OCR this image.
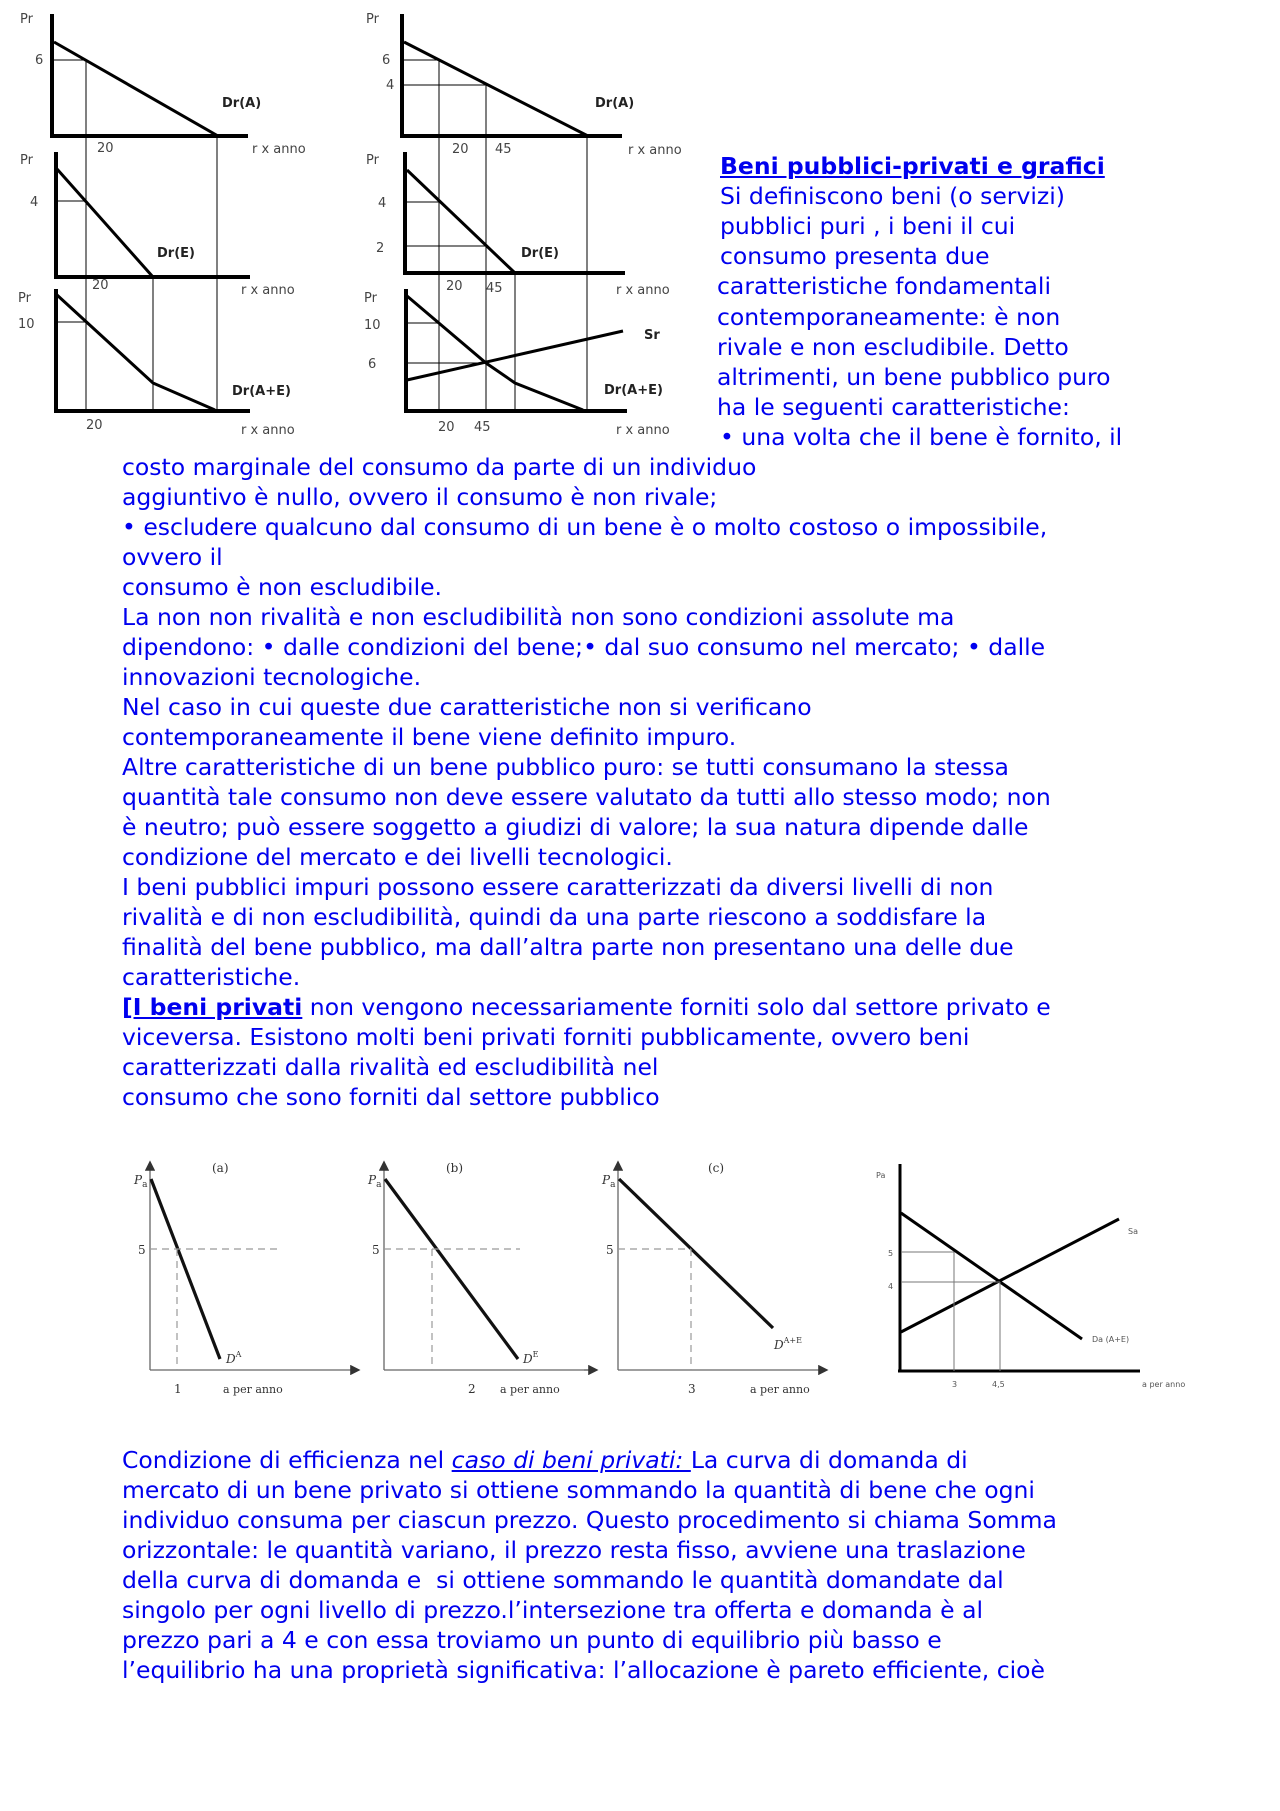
Pr
6
20	r x anno
Dr(A)
Pr
4
Dr(E)
20	r x anno
Pr
10
Dr(A+E)
20	r x anno
Pr
6
4
Dr(A)
20 45	r x anno
Pr
4
2	Dr(E)
20 45	r x anno
Pr
10
6
Sr
Dr(A+E)
20 45	r x anno
Beni pubblici-privati e grafici
Si definiscono beni (o servizi)
pubblici puri , i beni il cui
consumo presenta due
caratteristiche fondamentali
contemporaneamente: è non
rivale e non escludibile. Detto
altrimenti, un bene pubblico puro
ha le seguenti caratteristiche:
• una volta che il bene è fornito, il
costo marginale del consumo da parte di un individuo
aggiuntivo è nullo, ovvero il consumo è non rivale;
• escludere qualcuno dal consumo di un bene è o molto costoso o impossibile,
ovvero il
consumo è non escludibile.
La non non rivalità e non escludibilità non sono condizioni assolute ma
dipendono: • dalle condizioni del bene;• dal suo consumo nel mercato; • dalle
innovazioni tecnologiche.
Nel caso in cui queste due caratteristiche non si verificano
contemporaneamente il bene viene definito impuro.
Altre caratteristiche di un bene pubblico puro: se tutti consumano la stessa
quantità tale consumo non deve essere valutato da tutti allo stesso modo; non
è neutro; può essere soggetto a giudizi di valore; la sua natura dipende dalle
condizione del mercato e dei livelli tecnologici.
I beni pubblici impuri possono essere caratterizzati da diversi livelli di non
rivalità e di non escludibilità, quindi da una parte riescono a soddisfare la
finalità del bene pubblico, ma dall’altra parte non presentano una delle due
caratteristiche.
[I beni privati non vengono necessariamente forniti solo dal settore privato e
viceversa. Esistono molti beni privati forniti pubblicamente, ovvero beni
caratterizzati dalla rivalità ed escludibilità nel
consumo che sono forniti dal settore pubblico
(a)
$P_a$
5
1	a per anno
$D^A$
(b)
$P_a$
5
2 a per anno
$D^E$
(c)
$P_a$
5
3	a per anno
$D^{A+E}$
Pa
5
4
3	4,5	a per anno
Sa
Da (A+E)
Condizione di efficienza nel caso di beni privati: La curva di domanda di
mercato di un bene privato si ottiene sommando la quantità di bene che ogni
individuo consuma per ciascun prezzo. Questo procedimento si chiama Somma
orizzontale: le quantità variano, il prezzo resta fisso, avviene una traslazione
della curva di domanda e  si ottiene sommando le quantità domandate dal
singolo per ogni livello di prezzo.l’intersezione tra offerta e domanda è al
prezzo pari a 4 e con essa troviamo un punto di equilibrio più basso e
l’equilibrio ha una proprietà significativa: l’allocazione è pareto efficiente, cioè
